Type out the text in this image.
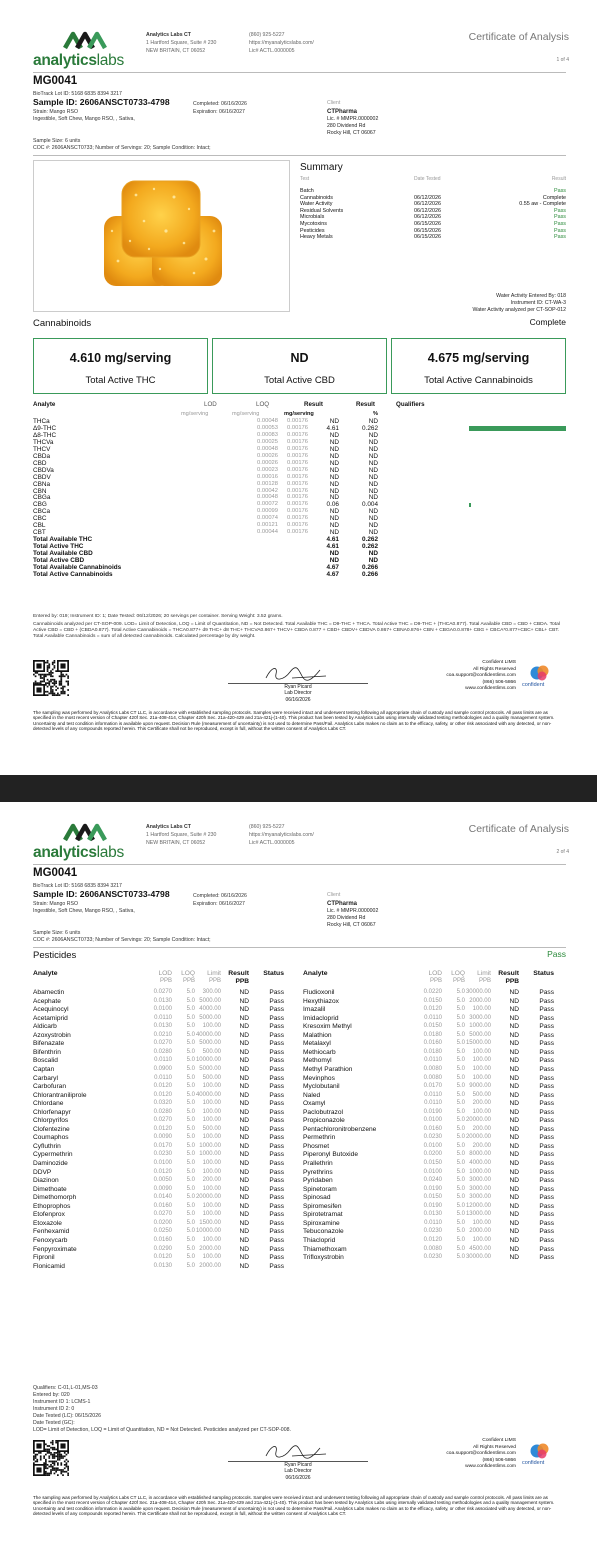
analyticslabs
Analytics Labs CT
1 Hartford Square, Suite # 230
NEW BRITAIN, CT 06052
(860) 925-5227
https://myanalyticslabs.com/
Lic# ACTL.0000005
Certificate of Analysis
1 of 4
MG0041
BioTrack Lot ID: 5168 6835 8394 3217
Sample ID: 2606ANSCT0733-4798	Completed: 06/16/2026
Expiration: 06/16/2027
Strain: Mango RSO
Ingestible, Soft Chew, Mango RSO, , Sativa,
Client
CTPharma
Lic. # MMPR.0000002
280 Dividend Rd
Rocky Hill, CT 06067
Sample Size: 6 units
COC #: 2606ANSCT0733; Number of Servings: 20; Sample Condition: Intact;
Summary
Test	Date Tested	Result
Batch	Pass
Cannabinoids	06/12/2026	Complete
Water Activity	06/12/2026	0.55 aw - Complete
Residual Solvents	06/12/2026	Pass
Microbials	06/12/2026	Pass
Mycotoxins	06/15/2026	Pass
Pesticides	06/15/2026	Pass
Heavy Metals	06/15/2026	Pass
Water Activity Entered By: 018
Instrument ID: CT-WA-3
Water Activity analyzed per CT-SOP-012
Cannabinoids	Complete
4.610 mg/serving
Total Active THC
ND
Total Active CBD
4.675 mg/serving
Total Active Cannabinoids
Analyte	LOD	LOQ	Result	Result	Qualifiers
mg/serving	mg/serving	mg/serving	%
THCa	0.00048 0.00176	ND	ND
Δ9-THC	0.00053 0.00176	4.61	0.262
Δ8-THC	0.00083 0.00176	ND	ND
THCVa	0.00025 0.00176	ND	ND
THCV	0.00048 0.00176	ND	ND
CBDa	0.00026 0.00176	ND	ND
CBD	0.00026 0.00176	ND	ND
CBDVa	0.00023 0.00176	ND	ND
CBDV	0.00016 0.00176	ND	ND
CBNa	0.00128 0.00176	ND	ND
CBN	0.00042 0.00176	ND	ND
CBGa	0.00048 0.00176	ND	ND
CBG	0.00072 0.00176	0.06	0.004
CBCa	0.00099 0.00176	ND	ND
CBC	0.00074 0.00176	ND	ND
CBL	0.00121 0.00176	ND	ND
CBT	0.00044 0.00176	ND	ND
Total Available THC	4.61	0.262
Total Active THC	4.61	0.262
Total Available CBD	ND	ND
Total Active CBD	ND	ND
Total Available Cannabinoids	4.67	0.266
Total Active Cannabinoids	4.67	0.266
Entered by: 019; Instrument ID: 1; Date Tested: 06/12/2026; 20 servings per container. Serving Weight: 3.52 grams.
Cannabinoids analyzed per CT-SOP-009. LOD= Limit of Detection, LOQ = Limit of Quantitation, ND = Not Detected. Total Available THC = D9-THC + THCA. Total Active THC = D9-THC + (THCA0.877). Total Available CBD = CBD + CBDA. Total Active CBD = CBD + (CBDA0.877). Total Active Cannabinoids = THCA0.877+ d9 THC+ d8 THC+ THCVA0.867+ THCV+ CBDA 0.877 + CBD+ CBDV+ CBDVA 0.867+ CBNA0.876+ CBN + CBGA0.0.878+ CBG + CBCA*0.877+CBC+ CBL+ CBT. Total Available Cannabinoids = sum of all detected cannabinoids. Calculated percentage by dry weight.
Ryan Picard
Lab Director
06/16/2026
Confident LIMS
All Rights Reserved
coa.support@confidentlims.com
(866) 506-5866
www.confidentlims.com
confident
The sampling was performed by Analytics Labs CT LLC, in accordance with established sampling protocols. Samples were received intact and underwent testing following all appropriate chain of custody and sample control protocols. All pass limits are as specified in the most recent version of Chapter 420f Sec. 21a-408-414, Chapter 420h Sec. 21a-420-429 and 21a-421j-(1-40). This product has been tested by Analytics Labs using internally validated testing methodologies and a quality management system. Uncertainty and test condition information is available upon request. Decision Rule (measurement of uncertainty) is not used to determine Pass/Fail. Analytics Labs makes no claim as to the efficacy, safety, or other risk associated with any detected, or non-detected levels of any compounds reported herein. This Certificate shall not be reproduced, except in full, without the written consent of Analytics Labs CT.
analyticslabs
Analytics Labs CT
1 Hartford Square, Suite # 230
NEW BRITAIN, CT 06052
(860) 925-5227
https://myanalyticslabs.com/
Lic# ACTL.0000005
Certificate of Analysis
2 of 4
MG0041
BioTrack Lot ID: 5168 6835 8394 3217
Sample ID: 2606ANSCT0733-4798	Completed: 06/16/2026
Expiration: 06/16/2027
Strain: Mango RSO
Ingestible, Soft Chew, Mango RSO, , Sativa,
Client
CTPharma
Lic. # MMPR.0000002
280 Dividend Rd
Rocky Hill, CT 06067
Sample Size: 6 units
COC #: 2606ANSCT0733; Number of Servings: 20; Sample Condition: Intact;
Pesticides	Pass
Analyte	LOD LOQ Limit Result Status
PPB PPB PPB PPB
Analyte	LOD LOQ Limit Result Status
PPB PPB PPB PPB
Abamectin	0.0270 5.0 300.00	ND	Pass
Acephate	0.0130 5.0 5000.00	ND	Pass
Acequinocyl	0.0100 5.0 4000.00	ND	Pass
Acetamiprid	0.0110 5.0 5000.00	ND	Pass
Aldicarb	0.0130 5.0 100.00	ND	Pass
Azoxystrobin	0.0210 5.0 40000.00	ND	Pass
Bifenazate	0.0270 5.0 5000.00	ND	Pass
Bifenthrin	0.0280 5.0 500.00	ND	Pass
Boscalid	0.0110 5.0 10000.00	ND	Pass
Captan	0.0900 5.0 5000.00	ND	Pass
Carbaryl	0.0110 5.0 500.00	ND	Pass
Carbofuran	0.0120 5.0 100.00	ND	Pass
Chlorantraniliprole	0.0120 5.0 40000.00	ND	Pass
Chlordane	0.0320 5.0 100.00	ND	Pass
Chlorfenapyr	0.0280 5.0 100.00	ND	Pass
Chlorpyrifos	0.0270 5.0 100.00	ND	Pass
Clofentezine	0.0120 5.0 500.00	ND	Pass
Coumaphos	0.0090 5.0 100.00	ND	Pass
Cyfluthrin	0.0170 5.0 1000.00	ND	Pass
Cypermethrin	0.0230 5.0 1000.00	ND	Pass
Daminozide	0.0100 5.0 100.00	ND	Pass
DDVP	0.0120 5.0 100.00	ND	Pass
Diazinon	0.0050 5.0 200.00	ND	Pass
Dimethoate	0.0090 5.0 100.00	ND	Pass
Dimethomorph	0.0140 5.0 20000.00	ND	Pass
Ethoprophos	0.0160 5.0 100.00	ND	Pass
Etofenprox	0.0270 5.0 100.00	ND	Pass
Etoxazole	0.0200 5.0 1500.00	ND	Pass
Fenhexamid	0.0250 5.0 10000.00	ND	Pass
Fenoxycarb	0.0160 5.0 100.00	ND	Pass
Fenpyroximate	0.0290 5.0 2000.00	ND	Pass
Fipronil	0.0120 5.0 100.00	ND	Pass
Flonicamid	0.0130 5.0 2000.00	ND	Pass
Fludioxonil	0.0220 5.0 30000.00	ND	Pass
Hexythiazox	0.0150 5.0 2000.00	ND	Pass
Imazalil	0.0120 5.0 100.00	ND	Pass
Imidacloprid	0.0110 5.0 3000.00	ND	Pass
Kresoxim Methyl	0.0150 5.0 1000.00	ND	Pass
Malathion	0.0180 5.0 5000.00	ND	Pass
Metalaxyl	0.0160 5.0 15000.00	ND	Pass
Methiocarb	0.0180 5.0 100.00	ND	Pass
Methomyl	0.0110 5.0 100.00	ND	Pass
Methyl Parathion	0.0080 5.0 100.00	ND	Pass
Mevinphos	0.0080 5.0 100.00	ND	Pass
Myclobutanil	0.0170 5.0 9000.00	ND	Pass
Naled	0.0110 5.0 500.00	ND	Pass
Oxamyl	0.0110 5.0 200.00	ND	Pass
Paclobutrazol	0.0190 5.0 100.00	ND	Pass
Propiconazole	0.0100 5.0 20000.00	ND	Pass
Pentachloronitrobenzene	0.0160 5.0 200.00	ND	Pass
Permethrin	0.0230 5.0 20000.00	ND	Pass
Phosmet	0.0100 5.0 200.00	ND	Pass
Piperonyl Butoxide	0.0200 5.0 8000.00	ND	Pass
Prallethrin	0.0150 5.0 4000.00	ND	Pass
Pyrethrins	0.0100 5.0 1000.00	ND	Pass
Pyridaben	0.0240 5.0 3000.00	ND	Pass
Spinetoram	0.0190 5.0 3000.00	ND	Pass
Spinosad	0.0150 5.0 3000.00	ND	Pass
Spiromesifen	0.0190 5.0 12000.00	ND	Pass
Spirotetramat	0.0130 5.0 13000.00	ND	Pass
Spiroxamine	0.0110 5.0 100.00	ND	Pass
Tebuconazole	0.0230 5.0 2000.00	ND	Pass
Thiacloprid	0.0120 5.0 100.00	ND	Pass
Thiamethoxam	0.0080 5.0 4500.00	ND	Pass
Trifloxystrobin	0.0230 5.0 30000.00	ND	Pass
Qualifiers: C-01,L-01,MS-03
Entered by: 020
Instrument ID 1: LCMS-1
Instrument ID 2: 0
Date Tested (LC): 06/15/2026
Date Tested (GC):
LOD= Limit of Detection, LOQ = Limit of Quantitation, ND = Not Detected. Pesticides analyzed per CT-SOP-008.
Ryan Picard
Lab Director
06/16/2026
Confident LIMS
All Rights Reserved
coa.support@confidentlims.com
(866) 506-5866
www.confidentlims.com
confident
The sampling was performed by Analytics Labs CT LLC, in accordance with established sampling protocols. Samples were received intact and underwent testing following all appropriate chain of custody and sample control protocols. All pass limits are as specified in the most recent version of Chapter 420f Sec. 21a-408-414, Chapter 420h Sec. 21a-420-429 and 21a-421j-(1-40). This product has been tested by Analytics Labs using internally validated testing methodologies and a quality management system. Uncertainty and test condition information is available upon request. Decision Rule (measurement of uncertainty) is not used to determine Pass/Fail. Analytics Labs makes no claim as to the efficacy, safety, or other risk associated with any detected, or non-detected levels of any compounds reported herein. This Certificate shall not be reproduced, except in full, without the written consent of Analytics Labs CT.
